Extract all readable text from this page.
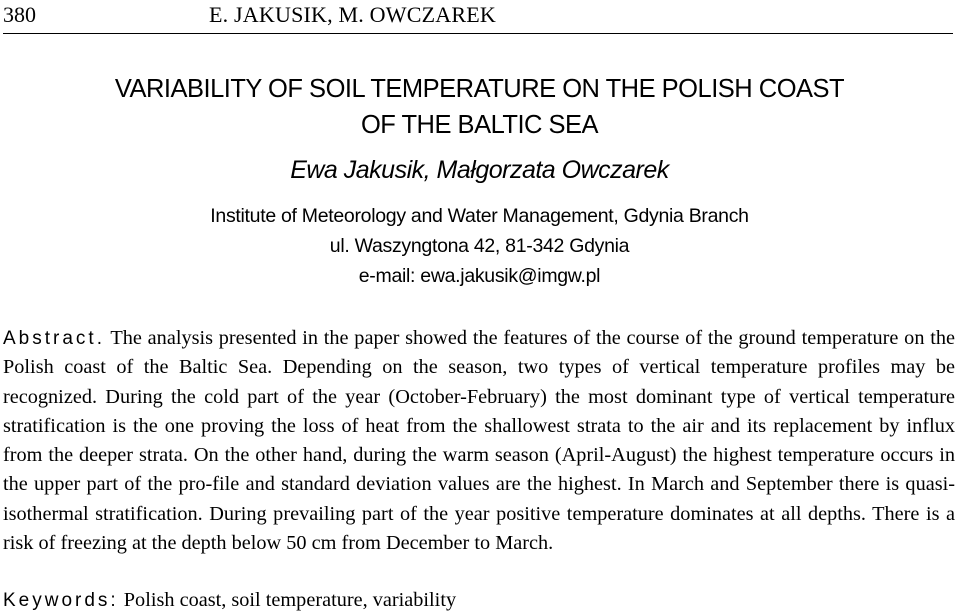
380	E. JAKUSIK, M. OWCZAREK
VARIABILITY OF SOIL TEMPERATURE ON THE POLISH COAST
OF THE BALTIC SEA
Ewa Jakusik, Małgorzata Owczarek
Institute of Meteorology and Water Management, Gdynia Branch
ul. Waszyngtona 42, 81-342 Gdynia
e-mail: ewa.jakusik@imgw.pl

Abstract. The analysis presented in the paper showed the features of the course of the ground temperature on the Polish coast of the Baltic Sea. Depending on the season, two types of vertical temperature profiles may be recognized. During the cold part of the year (October-February) the most dominant type of vertical temperature stratification is the one proving the loss of heat from the shallowest strata to the air and its replacement by influx from the deeper strata. On the other hand, during the warm season (April-August) the highest temperature occurs in the upper part of the pro-file and standard deviation values are the highest. In March and September there is quasi-isothermal stratification. During prevailing part of the year positive temperature dominates at all depths. There is a risk of freezing at the depth below 50 cm from December to March.

Keywords: Polish coast, soil temperature, variability
